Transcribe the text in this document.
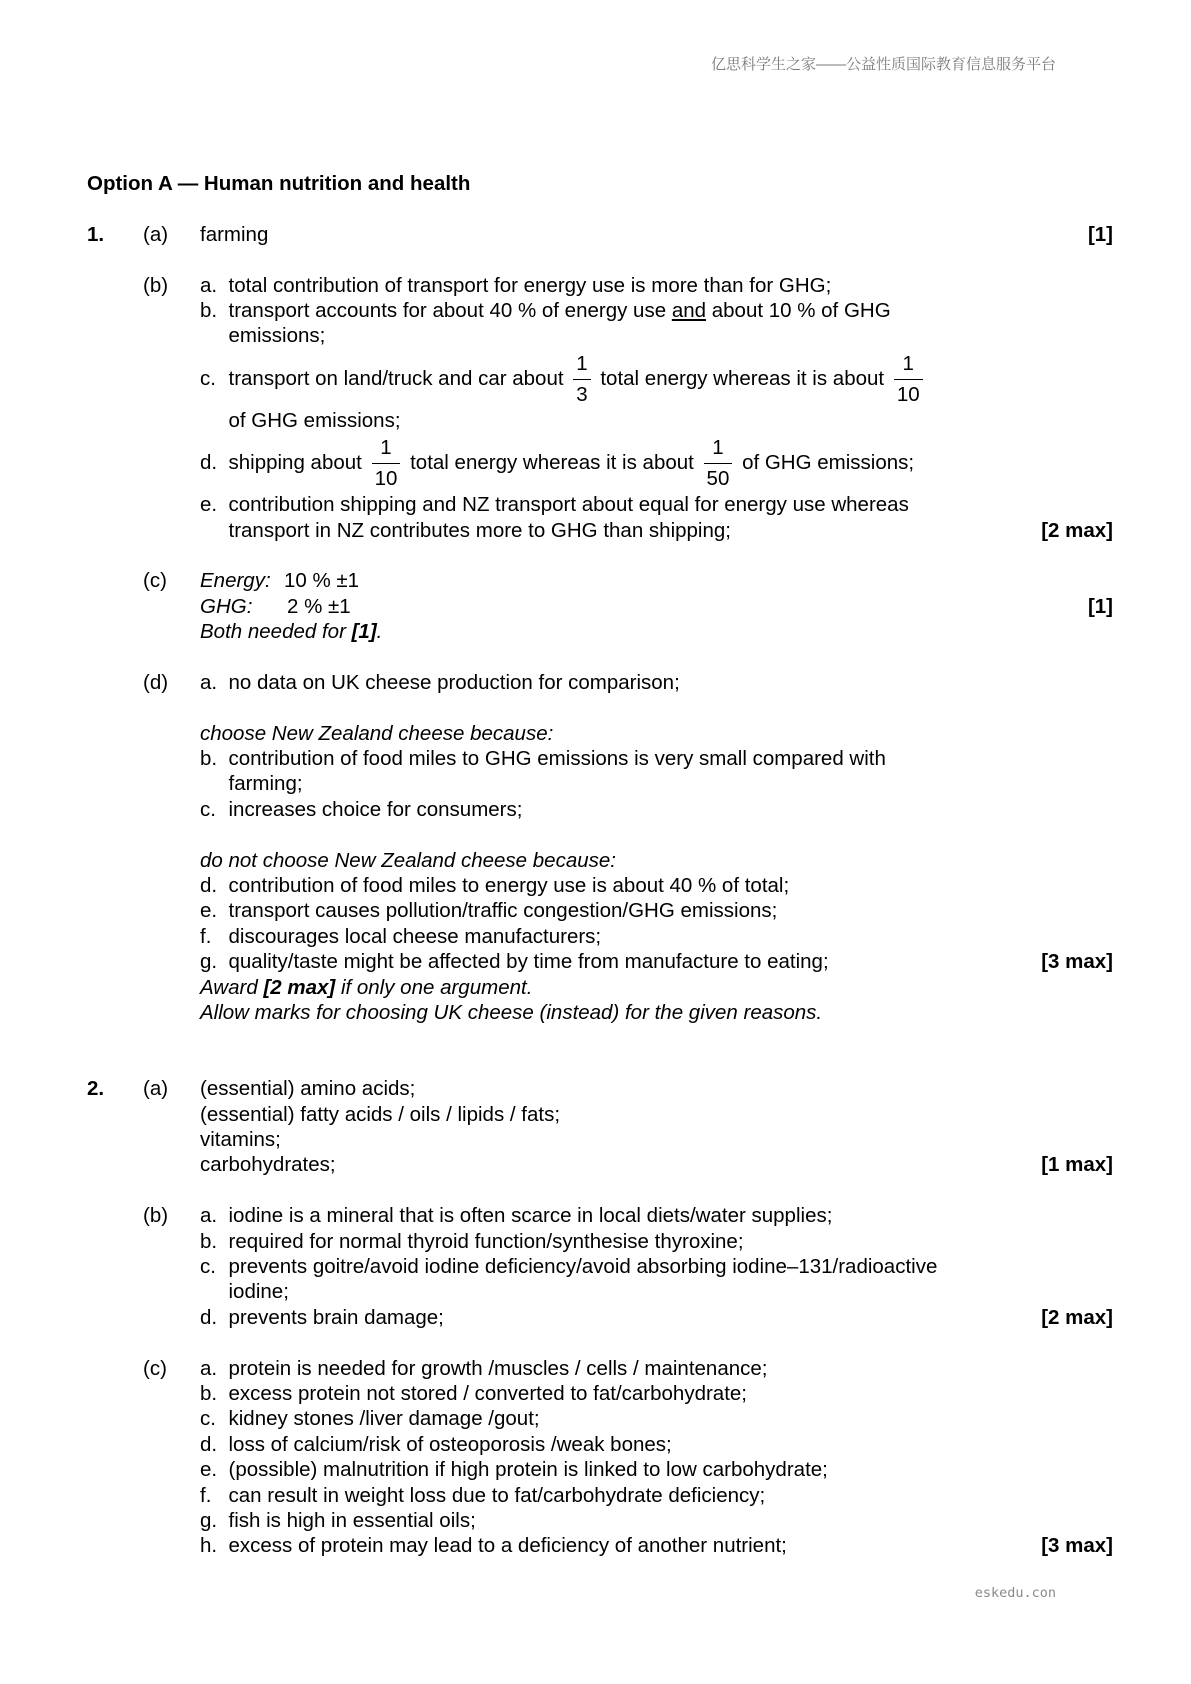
亿思科学生之家——公益性质国际教育信息服务平台
Option A — Human nutrition and health
1. (a) farming	[1]
(b) a. total contribution of transport for energy use is more than for GHG;
b. transport accounts for about 40 % of energy use and about 10 % of GHG
emissions;
c. transport on land/truck and car about $\frac{1}{3}$ total energy whereas it is about $\frac{1}{10}$
of GHG emissions;
d. shipping about $\frac{1}{10}$ total energy whereas it is about $\frac{1}{50}$ of GHG emissions;
e. contribution shipping and NZ transport about equal for energy use whereas
transport in NZ contributes more to GHG than shipping;	[2 max]
(c) Energy: 10 % ±1
GHG: 2 % ±1	[1]
Both needed for [1].
(d) a. no data on UK cheese production for comparison;
choose New Zealand cheese because:
b. contribution of food miles to GHG emissions is very small compared with
farming;
c. increases choice for consumers;
do not choose New Zealand cheese because:
d. contribution of food miles to energy use is about 40 % of total;
e. transport causes pollution/traffic congestion/GHG emissions;
f. discourages local cheese manufacturers;
g. quality/taste might be affected by time from manufacture to eating;	[3 max]
Award [2 max] if only one argument.
Allow marks for choosing UK cheese (instead) for the given reasons.
2. (a) (essential) amino acids;
(essential) fatty acids / oils / lipids / fats;
vitamins;
carbohydrates;	[1 max]
(b) a. iodine is a mineral that is often scarce in local diets/water supplies;
b. required for normal thyroid function/synthesise thyroxine;
c. prevents goitre/avoid iodine deficiency/avoid absorbing iodine–131/radioactive
iodine;
d. prevents brain damage;	[2 max]
(c) a. protein is needed for growth /muscles / cells / maintenance;
b. excess protein not stored / converted to fat/carbohydrate;
c. kidney stones /liver damage /gout;
d. loss of calcium/risk of osteoporosis /weak bones;
e. (possible) malnutrition if high protein is linked to low carbohydrate;
f. can result in weight loss due to fat/carbohydrate deficiency;
g. fish is high in essential oils;
h. excess of protein may lead to a deficiency of another nutrient;	[3 max]
eskedu.con
